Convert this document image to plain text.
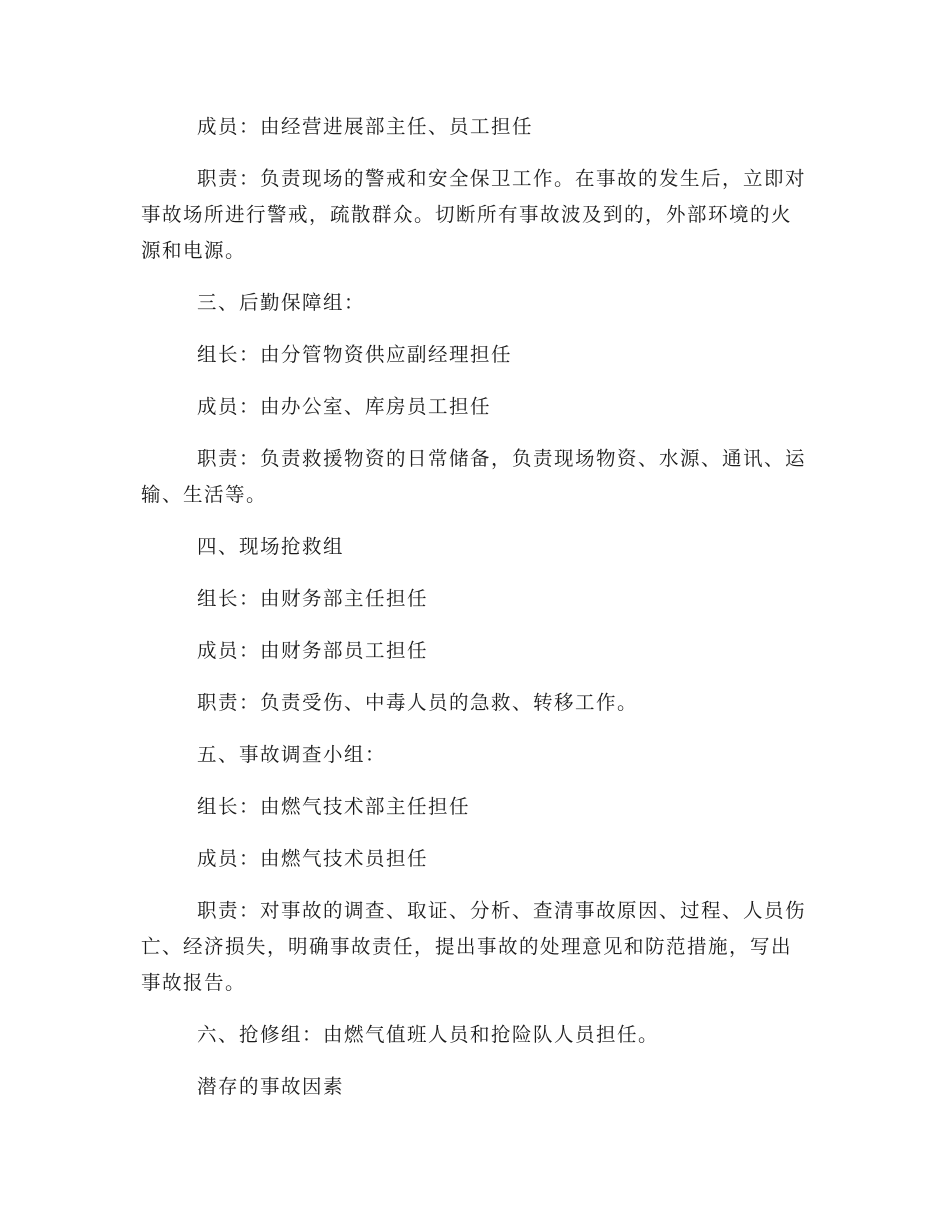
成员：由经营进展部主任、员工担任

职责：负责现场的警戒和安全保卫工作。在事故的发生后，立即对事故场所进行警戒，疏散群众。切断所有事故波及到的，外部环境的火源和电源。

三、后勤保障组：

组长：由分管物资供应副经理担任

成员：由办公室、库房员工担任

职责：负责救援物资的日常储备，负责现场物资、水源、通讯、运输、生活等。

四、现场抢救组

组长：由财务部主任担任

成员：由财务部员工担任

职责：负责受伤、中毒人员的急救、转移工作。

五、事故调查小组：

组长：由燃气技术部主任担任

成员：由燃气技术员担任

职责：对事故的调查、取证、分析、查清事故原因、过程、人员伤亡、经济损失，明确事故责任，提出事故的处理意见和防范措施，写出事故报告。

六、抢修组：由燃气值班人员和抢险队人员担任。

潜存的事故因素
